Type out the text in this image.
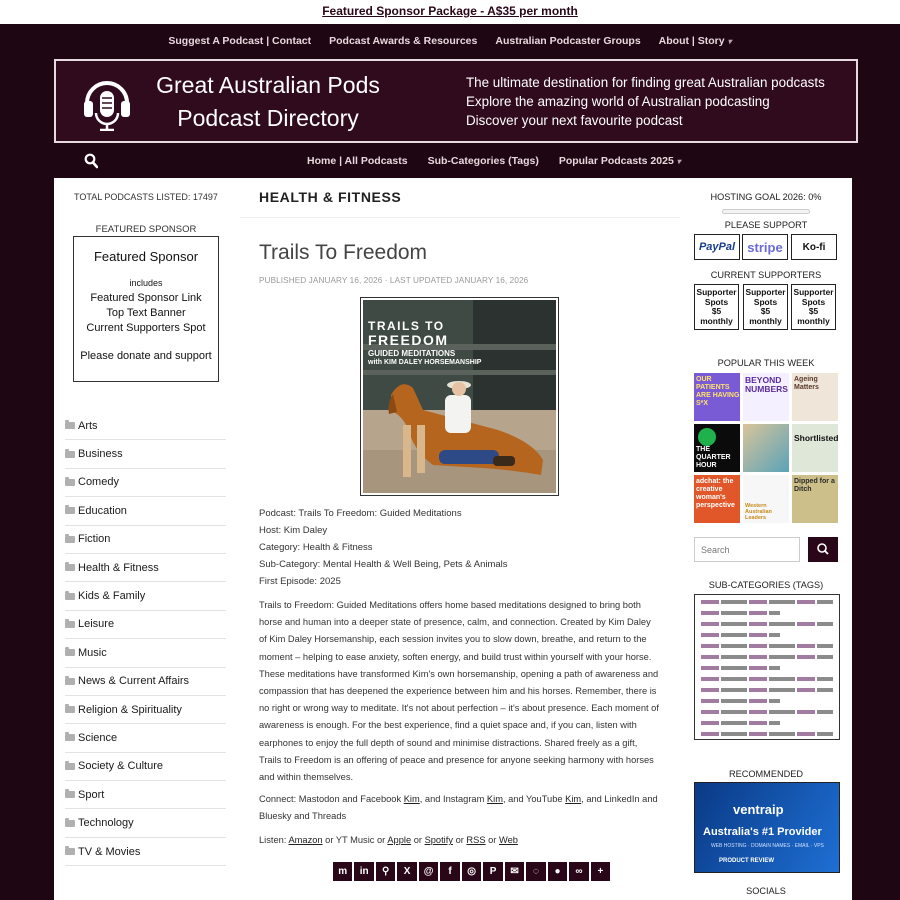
Featured Sponsor Package - A$35 per month
Suggest A Podcast | Contact Podcast Awards & Resources Australian Podcaster Groups About | Story ▾
Great Australian Pods
Podcast Directory
The ultimate destination for finding great Australian podcasts
Explore the amazing world of Australian podcasting
Discover your next favourite podcast
Home | All Podcasts Sub-Categories (Tags) Popular Podcasts 2025 ▾
TOTAL PODCASTS LISTED: 17497
FEATURED SPONSOR
Featured Sponsor
includes
Featured Sponsor Link
Top Text Banner
Current Supporters Spot
Please donate and support
Arts
Business
Comedy
Education
Fiction
Health & Fitness
Kids & Family
Leisure
Music
News & Current Affairs
Religion & Spirituality
Science
Society & Culture
Sport
Technology
TV & Movies
HEALTH & FITNESS
Trails To Freedom
PUBLISHED JANUARY 16, 2026 · LAST UPDATED JANUARY 16, 2026
TRAILS TO
FREEDOM
GUIDED MEDITATIONS
with KIM DALEY HORSEMANSHIP
Podcast: Trails To Freedom: Guided Meditations
Host: Kim Daley
Category: Health & Fitness
Sub-Category: Mental Health & Well Being, Pets & Animals
First Episode: 2025
Trails to Freedom: Guided Meditations offers home based meditations designed to bring both horse and human into a deeper state of presence, calm, and connection. Created by Kim Daley of Kim Daley Horsemanship, each session invites you to slow down, breathe, and return to the moment – helping to ease anxiety, soften energy, and build trust within yourself with your horse. These meditations have transformed Kim's own horsemanship, opening a path of awareness and compassion that has deepened the experience between him and his horses. Remember, there is no right or wrong way to meditate. It's not about perfection – it's about presence. Each moment of awareness is enough. For the best experience, find a quiet space and, if you can, listen with earphones to enjoy the full depth of sound and minimise distractions. Shared freely as a gift, Trails to Freedom is an offering of peace and presence for anyone seeking harmony with horses and within themselves.
Connect: Mastodon and Facebook Kim, and Instagram Kim, and YouTube Kim, and LinkedIn and Bluesky and Threads
Listen: Amazon or YT Music or Apple or Spotify or RSS or Web
m	in	⚲	X	@	f	◎	P	✉	◌	●	∞	+
HOSTING GOAL 2026: 0%
PLEASE SUPPORT
PayPal stripe	Ko-fi
CURRENT SUPPORTERS
Supporter
Spots
$5
monthly
Supporter
Spots
$5
monthly
Supporter
Spots
$5
monthly
POPULAR THIS WEEK
OUR PATIENTS ARE HAVING S*X
BEYOND NUMBERS
Ageing Matters
THE QUARTER HOUR
Shortlisted
adchat: the creative woman's perspective	Western Australian Leaders
Dipped for a Ditch
Search
SUB-CATEGORIES (TAGS)
RECOMMENDED
ventraip
Australia's #1 Provider
WEB HOSTING · DOMAIN NAMES · EMAIL · VPS
PRODUCT REVIEW
SOCIALS
